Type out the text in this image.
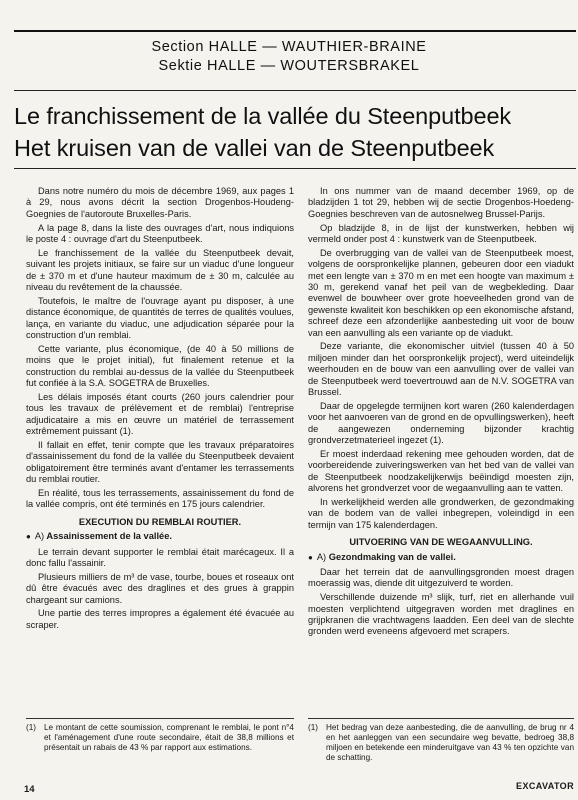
Section HALLE — WAUTHIER-BRAINE
Sektie HALLE — WOUTERSBRAKEL
Le franchissement de la vallée du Steenputbeek
Het kruisen van de vallei van de Steenputbeek

Dans notre numéro du mois de décembre 1969, aux pages 1 à 29, nous avons décrit la section Drogenbos-Houdeng-Goegnies de l'autoroute Bruxelles-Paris.

A la page 8, dans la liste des ouvrages d'art, nous indiquions le poste 4 : ouvrage d'art du Steenputbeek.

Le franchissement de la vallée du Steenputbeek devait, suivant les projets initiaux, se faire sur un viaduc d'une longueur de ± 370 m et d'une hauteur maximum de ± 30 m, calculée au niveau du revêtement de la chaussée.

Toutefois, le maître de l'ouvrage ayant pu disposer, à une distance économique, de quantités de terres de qualités voulues, lança, en variante du viaduc, une adjudication séparée pour la construction d'un remblai.

Cette variante, plus économique, (de 40 à 50 millions de moins que le projet initial), fut finalement retenue et la construction du remblai au-dessus de la vallée du Steenputbeek fut confiée à la S.A. SOGETRA de Bruxelles.

Les délais imposés étant courts (260 jours calendrier pour tous les travaux de prélèvement et de remblai) l'entreprise adjudicataire a mis en œuvre un matériel de terrassement extrêmement puissant (1).

Il fallait en effet, tenir compte que les travaux préparatoires d'assainissement du fond de la vallée du Steenputbeek devaient obligatoirement être terminés avant d'entamer les terrassements du remblai routier.

En réalité, tous les terrassements, assainissement du fond de la vallée compris, ont été terminés en 175 jours calendrier.

EXECUTION DU REMBLAI ROUTIER.
● A) Assainissement de la vallée.

Le terrain devant supporter le remblai était marécageux. Il a donc fallu l'assainir.

Plusieurs milliers de m³ de vase, tourbe, boues et roseaux ont dû être évacués avec des draglines et des grues à grappin chargeant sur camions.

Une partie des terres impropres a également été évacuée au scraper.

In ons nummer van de maand december 1969, op de bladzijden 1 tot 29, hebben wij de sectie Drogenbos-Hoedeng-Goegnies beschreven van de autosnelweg Brussel-Parijs.

Op bladzijde 8, in de lijst der kunstwerken, hebben wij vermeld onder post 4 : kunstwerk van de Steenputbeek.

De overbrugging van de vallei van de Steenputbeek moest, volgens de oorspronkelijke plannen, gebeuren door een viadukt met een lengte van ± 370 m en met een hoogte van maximum ± 30 m, gerekend vanaf het peil van de wegbekleding. Daar evenwel de bouwheer over grote hoeveelheden grond van de gewenste kwaliteit kon beschikken op een ekonomische afstand, schreef deze een afzonderlijke aanbesteding uit voor de bouw van een aanvulling als een variante op de viadukt.

Deze variante, die ekonomischer uitviel (tussen 40 à 50 miljoen minder dan het oorspronkelijk project), werd uiteindelijk weerhouden en de bouw van een aanvulling over de vallei van de Steenputbeek werd toevertrouwd aan de N.V. SOGETRA van Brussel.

Daar de opgelegde termijnen kort waren (260 kalenderdagen voor het aanvoeren van de grond en de opvullingswerken), heeft de aangewezen onderneming bijzonder krachtig grondverzetmaterieel ingezet (1).

Er moest inderdaad rekening mee gehouden worden, dat de voorbereidende zuiveringswerken van het bed van de vallei van de Steenputbeek noodzakelijkerwijs beëindigd moesten zijn, alvorens het grondverzet voor de wegaanvulling aan te vatten.

In werkelijkheid werden alle grondwerken, de gezondmaking van de bodem van de vallei inbegrepen, voleindigd in een termijn van 175 kalenderdagen.

UITVOERING VAN DE WEGAANVULLING.
● A) Gezondmaking van de vallei.

Daar het terrein dat de aanvullingsgronden moest dragen moerassig was, diende dit uitgezuiverd te worden.

Verschillende duizende m³ slijk, turf, riet en allerhande vuil moesten verplichtend uitgegraven worden met draglines en grijpkranen die vrachtwagens laadden. Een deel van de slechte gronden werd eveneens afgevoerd met scrapers.

(1) Le montant de cette soumission, comprenant le remblai, le pont n°4 et l'aménagement d'une route secondaire, était de 38,8 millions et présentait un rabais de 43 % par rapport aux estimations.
(1) Het bedrag van deze aanbesteding, die de aanvulling, de brug nr 4 en het aanleggen van een secundaire weg bevatte, bedroeg 38,8 miljoen en betekende een minderuitgave van 43 % ten opzichte van de schatting.
14	EXCAVATOR
